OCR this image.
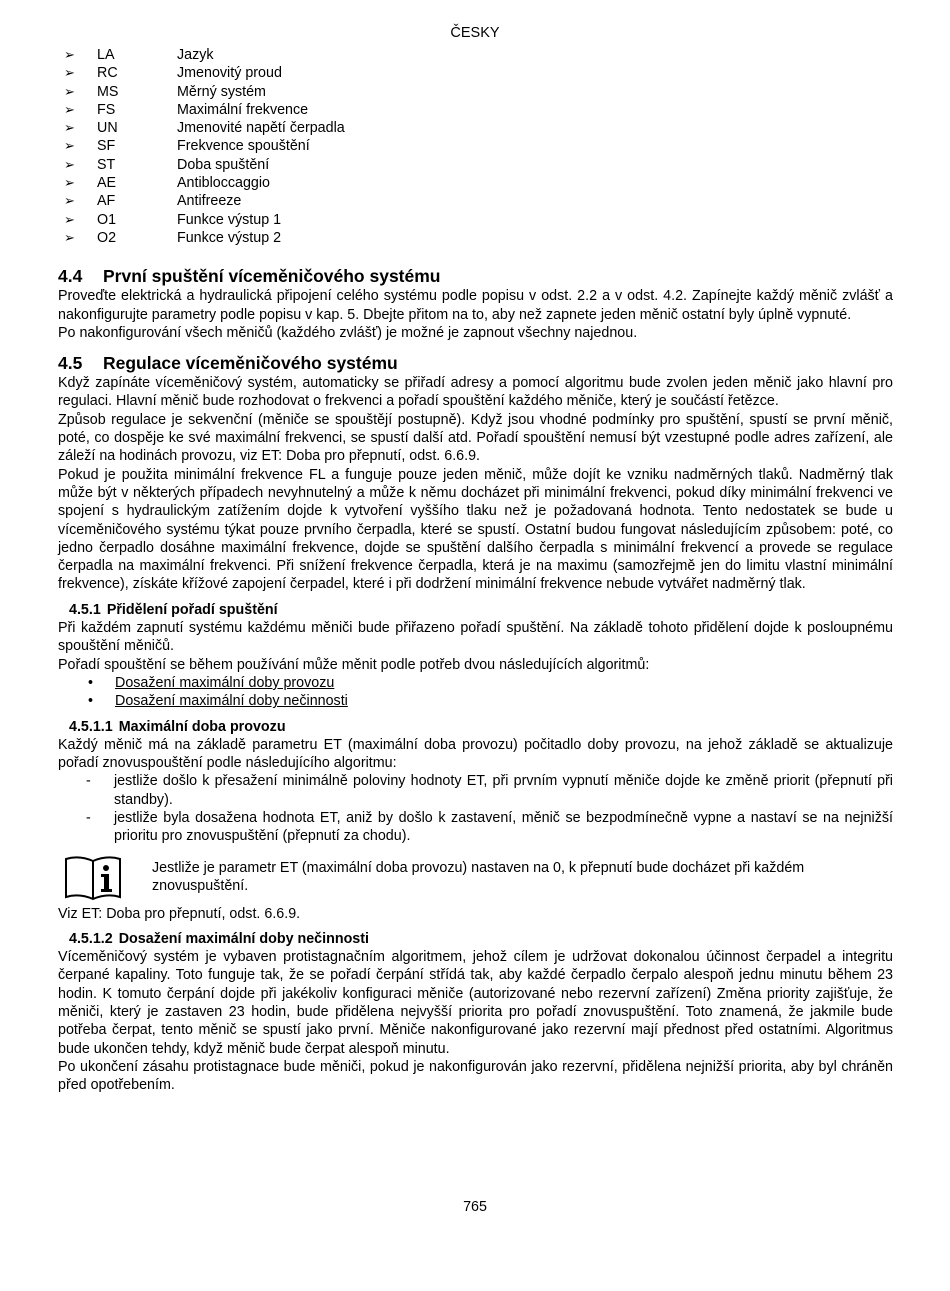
ČESKY
➢	LA	Jazyk
➢	RC	Jmenovitý proud
➢	MS	Měrný systém
➢	FS	Maximální frekvence
➢	UN	Jmenovité napětí čerpadla
➢	SF	Frekvence spouštění
➢	ST	Doba spuštění
➢	AE	Antibloccaggio
➢	AF	Antifreeze
➢	O1	Funkce výstup 1
➢	O2	Funkce výstup 2
4.4 První spuštění víceměničového systému

Proveďte elektrická a hydraulická připojení celého systému podle popisu v odst. 2.2 a v odst. 4.2. Zapínejte každý měnič zvlášť a nakonfigurujte parametry podle popisu v kap. 5. Dbejte přitom na to, aby než zapnete jeden měnič ostatní byly úplně vypnuté.

Po nakonfigurování všech měničů (každého zvlášť) je možné je zapnout všechny najednou.

4.5 Regulace víceměničového systému

Když zapínáte víceměničový systém, automaticky se přiřadí adresy a pomocí algoritmu bude zvolen jeden měnič jako hlavní pro regulaci. Hlavní měnič bude rozhodovat o frekvenci a pořadí spouštění každého měniče, který je součástí řetězce.

Způsob regulace je sekvenční (měniče se spouštějí postupně). Když jsou vhodné podmínky pro spuštění, spustí se první měnič, poté, co dospěje ke své maximální frekvenci, se spustí další atd. Pořadí spouštění nemusí být vzestupné podle adres zařízení, ale záleží na hodinách provozu, viz ET: Doba pro přepnutí, odst. 6.6.9.

Pokud je použita minimální frekvence FL a funguje pouze jeden měnič, může dojít ke vzniku nadměrných tlaků. Nadměrný tlak může být v některých případech nevyhnutelný a může k němu docházet při minimální frekvenci, pokud díky minimální frekvenci ve spojení s hydraulickým zatížením dojde k vytvoření vyššího tlaku než je požadovaná hodnota. Tento nedostatek se bude u víceměničového systému týkat pouze prvního čerpadla, které se spustí. Ostatní budou fungovat následujícím způsobem: poté, co jedno čerpadlo dosáhne maximální frekvence, dojde se spuštění dalšího čerpadla s minimální frekvencí a provede se regulace čerpadla na maximální frekvenci. Při snížení frekvence čerpadla, která je na maximu (samozřejmě jen do limitu vlastní minimální frekvence), získáte křížové zapojení čerpadel, které i při dodržení minimální frekvence nebude vytvářet nadměrný tlak.

4.5.1 Přidělení pořadí spuštění

Při každém zapnutí systému každému měniči bude přiřazeno pořadí spuštění. Na základě tohoto přidělení dojde k posloupnému spouštění měničů.

Pořadí spouštění se během používání může měnit podle potřeb dvou následujících algoritmů:

• Dosažení maximální doby provozu
• Dosažení maximální doby nečinnosti
4.5.1.1 Maximální doba provozu

Každý měnič má na základě parametru ET (maximální doba provozu) počitadlo doby provozu, na jehož základě se aktualizuje pořadí znovuspouštění podle následujícího algoritmu:

- jestliže došlo k přesažení minimálně poloviny hodnoty ET, při prvním vypnutí měniče dojde ke změně priorit (přepnutí při standby).
- jestliže byla dosažena hodnota ET, aniž by došlo k zastavení, měnič se bezpodmínečně vypne a nastaví se na nejnižší prioritu pro znovuspuštění (přepnutí za chodu).
Jestliže je parametr ET (maximální doba provozu) nastaven na 0, k přepnutí bude docházet při každém znovuspuštění.

Viz ET: Doba pro přepnutí, odst. 6.6.9.

4.5.1.2 Dosažení maximální doby nečinnosti

Víceměničový systém je vybaven protistagnačním algoritmem, jehož cílem je udržovat dokonalou účinnost čerpadel a integritu čerpané kapaliny. Toto funguje tak, že se pořadí čerpání střídá tak, aby každé čerpadlo čerpalo alespoň jednu minutu během 23 hodin. K tomuto čerpání dojde při jakékoliv konfiguraci měniče (autorizované nebo rezervní zařízení) Změna priority zajišťuje, že měniči, který je zastaven 23 hodin, bude přidělena nejvyšší priorita pro pořadí znovuspuštění. Toto znamená, že jakmile bude potřeba čerpat, tento měnič se spustí jako první. Měniče nakonfigurované jako rezervní mají přednost před ostatními. Algoritmus bude ukončen tehdy, když měnič bude čerpat alespoň minutu.

Po ukončení zásahu protistagnace bude měniči, pokud je nakonfigurován jako rezervní, přidělena nejnižší priorita, aby byl chráněn před opotřebením.

765
